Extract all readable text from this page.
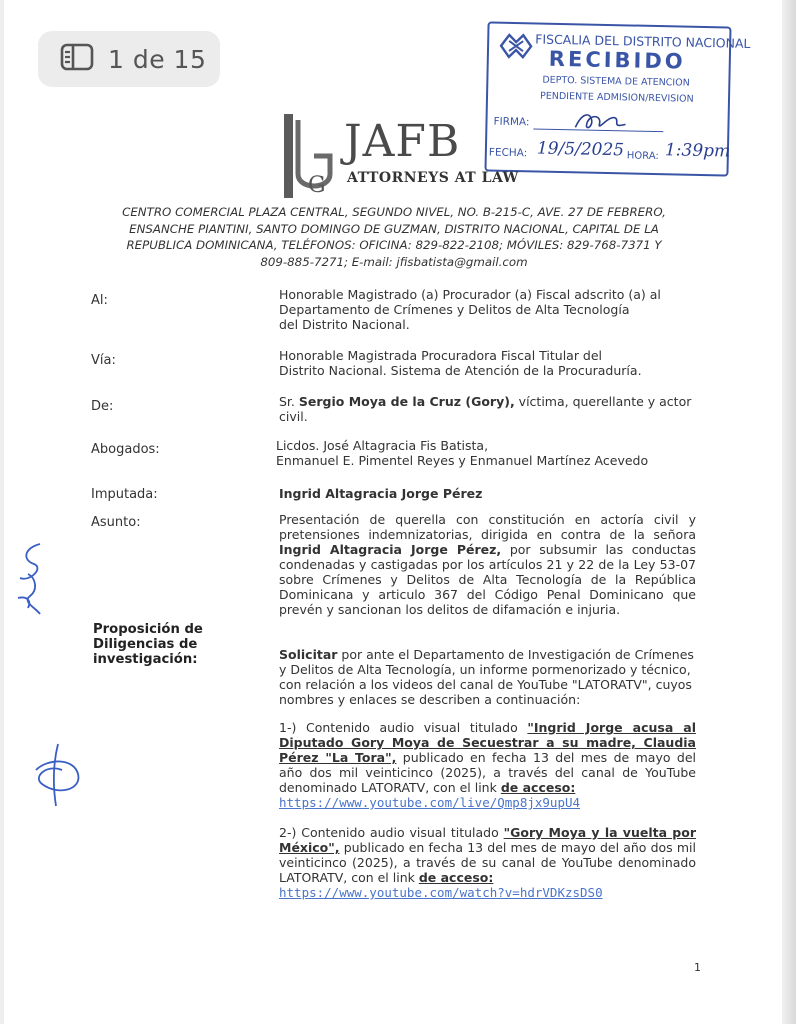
1 de 15
FISCALIA DEL DISTRITO NACIONAL
RECIBIDO
DEPTO. SISTEMA DE ATENCION
PENDIENTE ADMISION/REVISION
FIRMA:
FECHA: 19/5/2025 HORA: 1:39pm
G
JAFB
ATTORNEYS AT LAW
CENTRO COMERCIAL PLAZA CENTRAL, SEGUNDO NIVEL, NO. B-215-C, AVE. 27 DE FEBRERO,
ENSANCHE PIANTINI, SANTO DOMINGO DE GUZMAN, DISTRITO NACIONAL, CAPITAL DE LA
REPUBLICA DOMINICANA, TELÉFONOS: OFICINA: 829-822-2108; MÓVILES: 829-768-7371 Y
809-885-7271; E-mail: jfisbatista@gmail.com
Al:	Honorable Magistrado (a) Procurador (a) Fiscal adscrito (a) al
Departamento de Crímenes y Delitos de Alta Tecnología
del Distrito Nacional.
Vía:	Honorable Magistrada Procuradora Fiscal Titular del
Distrito Nacional. Sistema de Atención de la Procuraduría.
De:	Sr. Sergio Moya de la Cruz (Gory), víctima, querellante y actor
civil.
Abogados:	Licdos. José Altagracia Fis Batista,
Enmanuel E. Pimentel Reyes y Enmanuel Martínez Acevedo
Imputada:	Ingrid Altagracia Jorge Pérez
Asunto:	Presentación de querella con constitución en actoría civil y pretensiones indemnizatorias, dirigida en contra de la señora Ingrid Altagracia Jorge Pérez, por subsumir las conductas condenadas y castigadas por los artículos 21 y 22 de la Ley 53-07 sobre Crímenes y Delitos de Alta Tecnología de la República Dominicana y articulo 367 del Código Penal Dominicano que prevén y sancionan los delitos de difamación e injuria.
Proposición de
Diligencias de
investigación:	Solicitar por ante el Departamento de Investigación de Crímenes y Delitos de Alta Tecnología, un informe pormenorizado y técnico, con relación a los videos del canal de YouTube "LATORATV", cuyos nombres y enlaces se describen a continuación:
1-) Contenido audio visual titulado "Ingrid Jorge acusa al Diputado Gory Moya de Secuestrar a su madre, Claudia Pérez "La Tora", publicado en fecha 13 del mes de mayo del año dos mil veinticinco (2025), a través del canal de YouTube denominado LATORATV, con el link de acceso:
https://www.youtube.com/live/Qmp8jx9upU4
2-) Contenido audio visual titulado "Gory Moya y la vuelta por México", publicado en fecha 13 del mes de mayo del año dos mil veinticinco (2025), a través de su canal de YouTube denominado LATORATV, con el link de acceso:
https://www.youtube.com/watch?v=hdrVDKzsDS0
1
